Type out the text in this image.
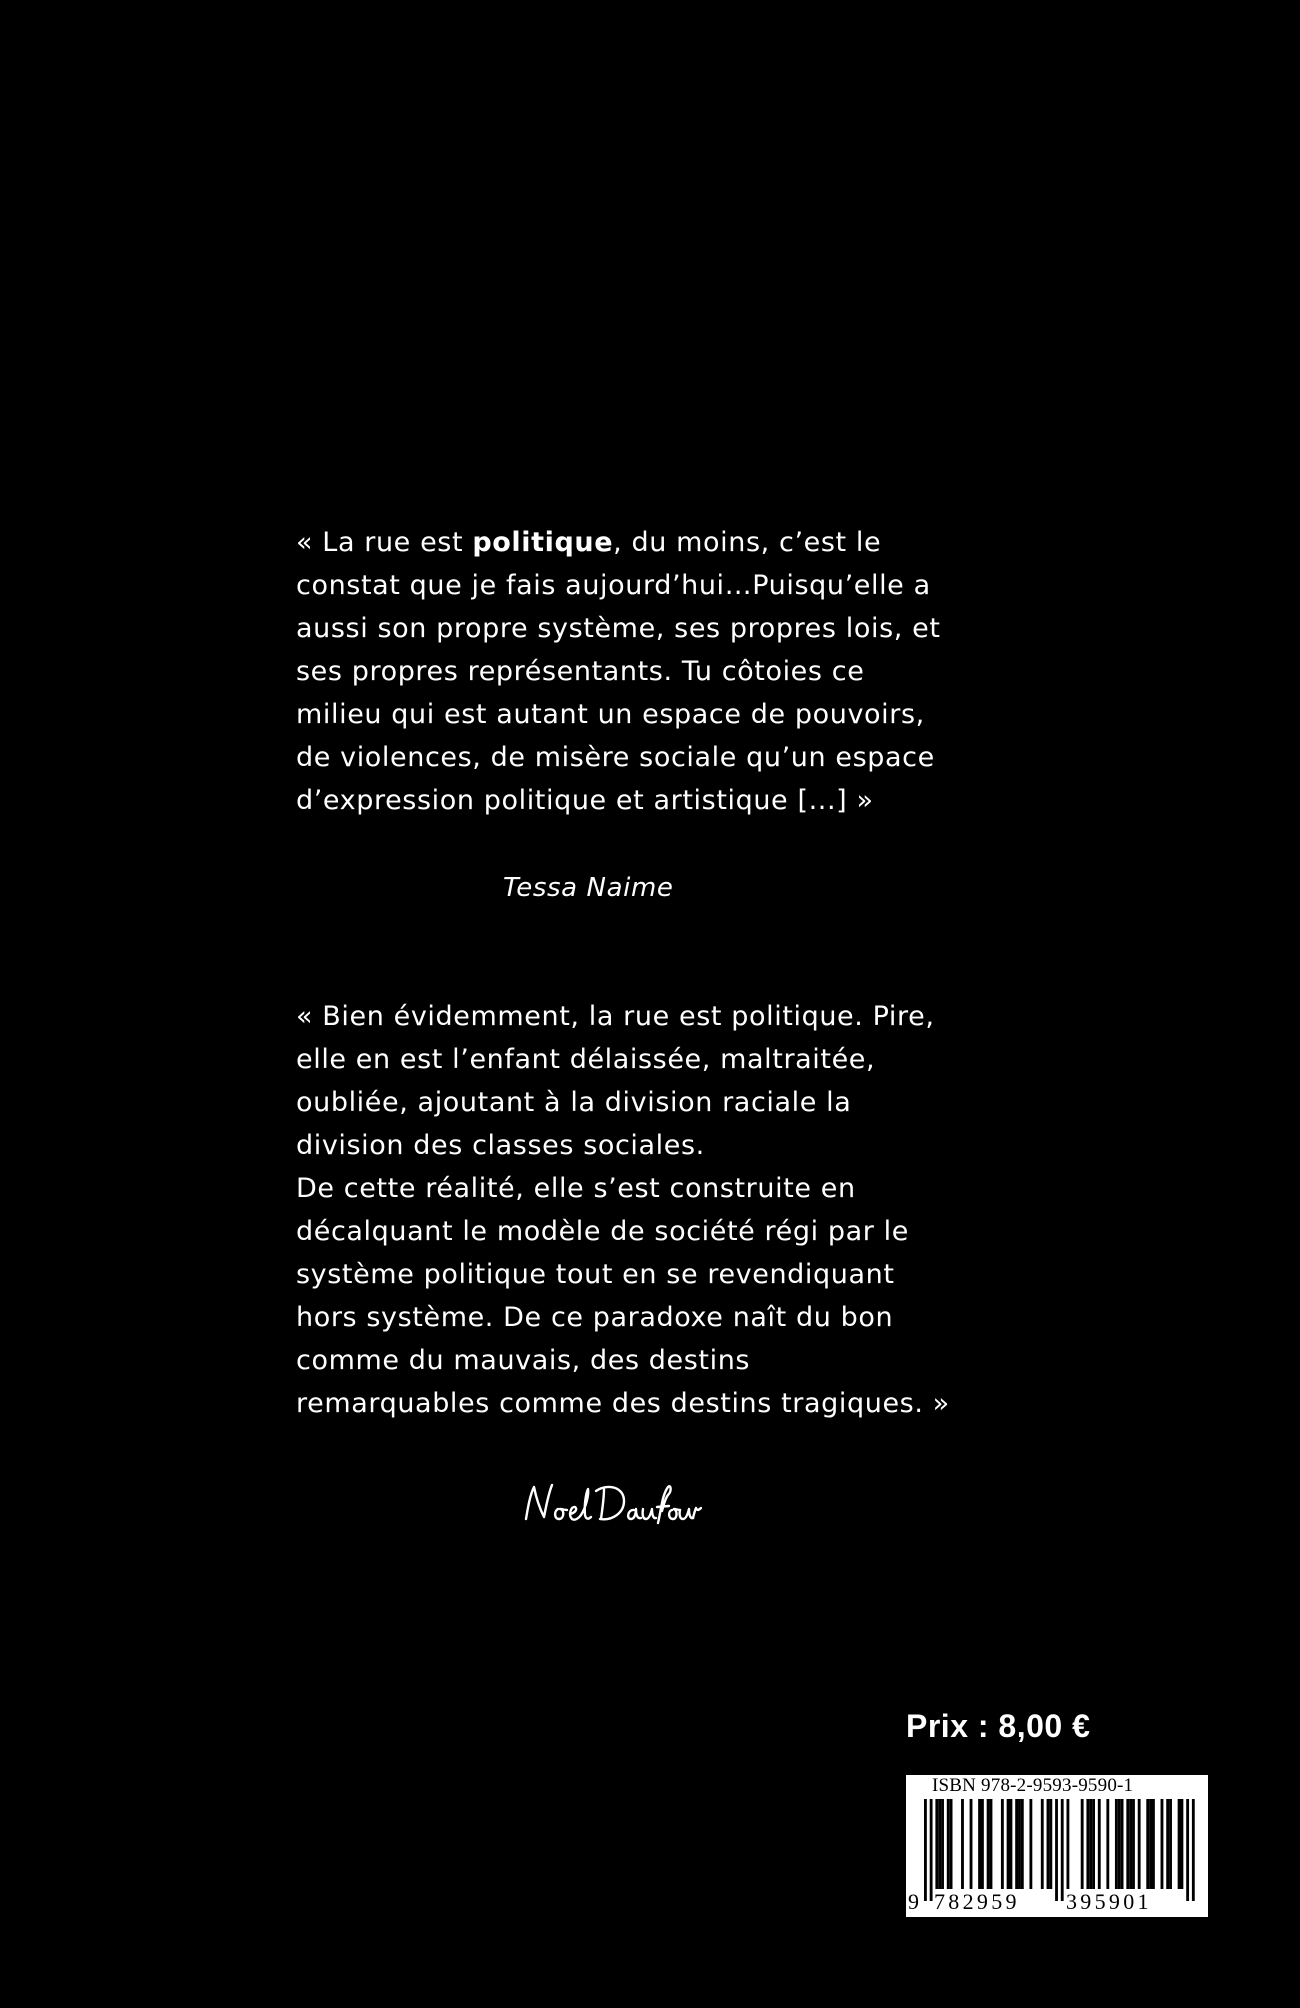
« La rue est politique, du moins, c’est le

constat que je fais aujourd’hui…Puisqu’elle a

aussi son propre système, ses propres lois, et

ses propres représentants. Tu côtoies ce

milieu qui est autant un espace de pouvoirs,

de violences, de misère sociale qu’un espace

d’expression politique et artistique [...] »

Tessa Naime

« Bien évidemment, la rue est politique. Pire,

elle en est l’enfant délaissée, maltraitée,

oubliée, ajoutant à la division raciale la

division des classes sociales.

De cette réalité, elle s’est construite en

décalquant le modèle de société régi par le

système politique tout en se revendiquant

hors système. De ce paradoxe naît du bon

comme du mauvais, des destins

remarquables comme des destins tragiques. »

Prix : 8,00 €
ISBN 978-2-9593-9590-1
9 782959 395901
